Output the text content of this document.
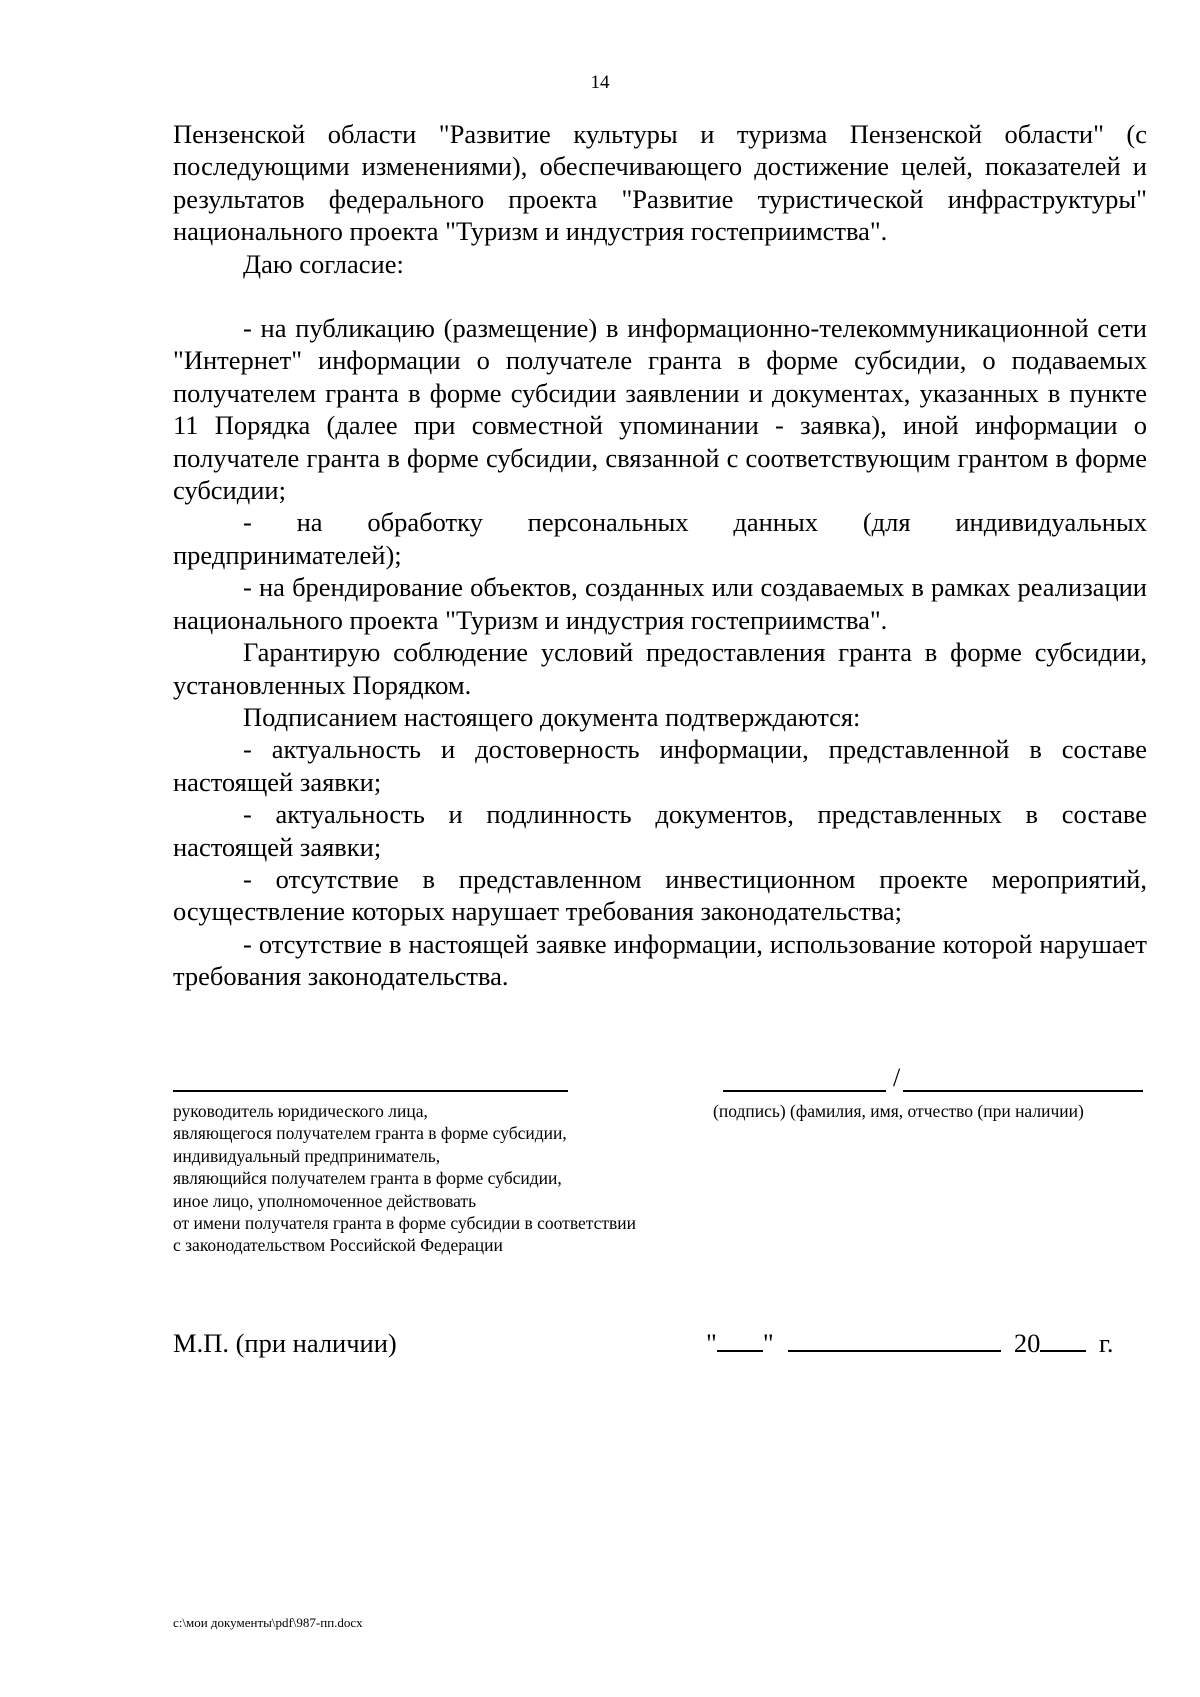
14

Пензенской области "Развитие культуры и туризма Пензенской области" (с последующими изменениями), обеспечивающего достижение целей, показателей и результатов федерального проекта "Развитие туристической инфраструктуры" национального проекта "Туризм и индустрия гостеприимства".

Даю согласие:

- на публикацию (размещение) в информационно-телекоммуникационной сети "Интернет" информации о получателе гранта в форме субсидии, о подаваемых получателем гранта в форме субсидии заявлении и документах, указанных в пункте 11 Порядка (далее при совместной упоминании - заявка), иной информации о получателе гранта в форме субсидии, связанной с соответствующим грантом в форме субсидии;

- на обработку персональных данных (для индивидуальных предпринимателей);

- на брендирование объектов, созданных или создаваемых в рамках реализации национального проекта "Туризм и индустрия гостеприимства".

Гарантирую соблюдение условий предоставления гранта в форме субсидии, установленных Порядком.

Подписанием настоящего документа подтверждаются:

- актуальность и достоверность информации, представленной в составе настоящей заявки;

- актуальность и подлинность документов, представленных в составе настоящей заявки;

- отсутствие в представленном инвестиционном проекте мероприятий, осуществление которых нарушает требования законодательства;

- отсутствие в настоящей заявке информации, использование которой нарушает требования законодательства.

/
руководитель юридического лица,
являющегося получателем гранта в форме субсидии,
индивидуальный предприниматель,
являющийся получателем гранта в форме субсидии,
иное лицо, уполномоченное действовать
от имени получателя гранта в форме субсидии в соответствии
с законодательством Российской Федерации
(подпись) (фамилия, имя, отчество (при наличии)
М.П. (при наличии)	" "	20 г.
c:\мои документы\pdf\987-пп.docx
